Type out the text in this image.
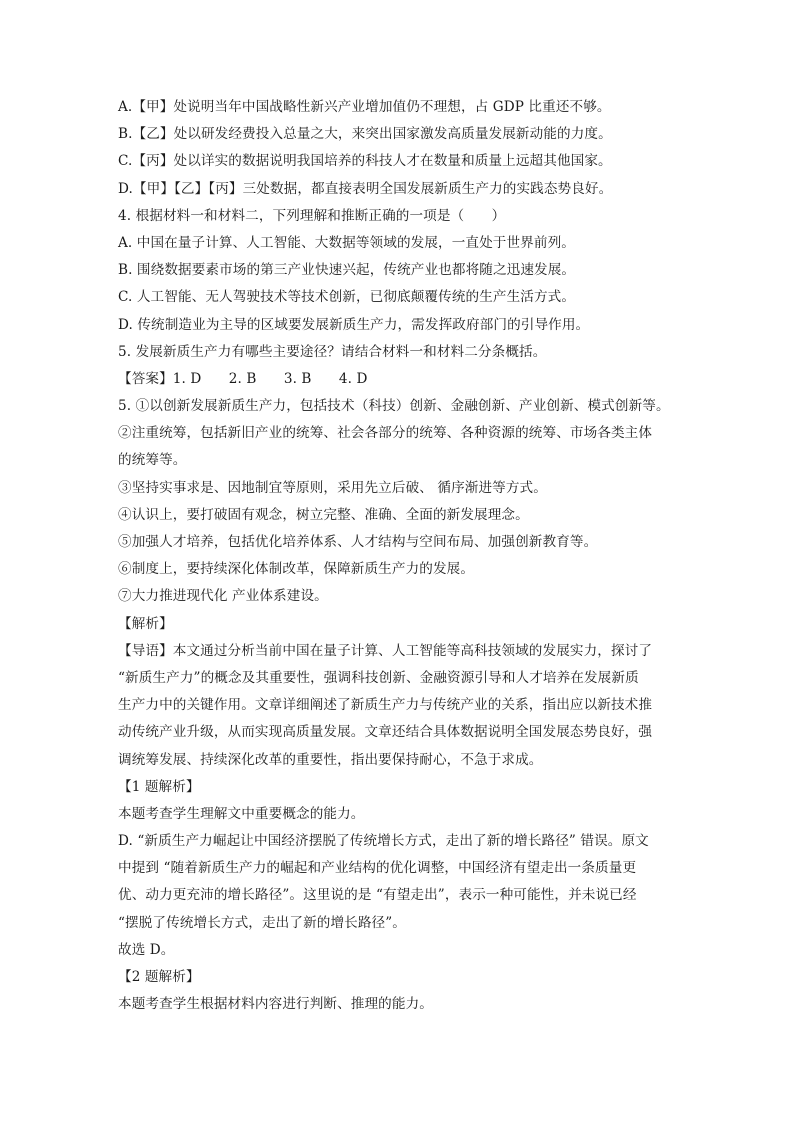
A.【甲】处说明当年中国战略性新兴产业增加值仍不理想，占 GDP 比重还不够。
B.【乙】处以研发经费投入总量之大，来突出国家激发高质量发展新动能的力度。
C.【丙】处以详实的数据说明我国培养的科技人才在数量和质量上远超其他国家。
D.【甲】【乙】【丙】三处数据，都直接表明全国发展新质生产力的实践态势良好。
4. 根据材料一和材料二，下列理解和推断正确的一项是（　　）
A. 中国在量子计算、人工智能、大数据等领域的发展，一直处于世界前列。
B. 围绕数据要素市场的第三产业快速兴起，传统产业也都将随之迅速发展。
C. 人工智能、无人驾驶技术等技术创新，已彻底颠覆传统的生产生活方式。
D. 传统制造业为主导的区域要发展新质生产力，需发挥政府部门的引导作用。
5. 发展新质生产力有哪些主要途径？请结合材料一和材料二分条概括。
【答案】1. D　　2. B　　3. B　　4. D
5. ①以创新发展新质生产力，包括技术（科技）创新、金融创新、产业创新、模式创新等。
②注重统筹，包括新旧产业的统筹、社会各部分的统筹、各种资源的统筹、市场各类主体
的统筹等。
③坚持实事求是、因地制宜等原则，采用先立后破、 循序渐进等方式。
④认识上，要打破固有观念，树立完整、准确、全面的新发展理念。
⑤加强人才培养，包括优化培养体系、人才结构与空间布局、加强创新教育等。
⑥制度上，要持续深化体制改革，保障新质生产力的发展。
⑦大力推进现代化 产业体系建设。
【解析】
【导语】本文通过分析当前中国在量子计算、人工智能等高科技领域的发展实力，探讨了
“新质生产力”的概念及其重要性，强调科技创新、金融资源引导和人才培养在发展新质
生产力中的关键作用。文章详细阐述了新质生产力与传统产业的关系，指出应以新技术推
动传统产业升级，从而实现高质量发展。文章还结合具体数据说明全国发展态势良好，强
调统筹发展、持续深化改革的重要性，指出要保持耐心，不急于求成。
【1 题解析】
本题考查学生理解文中重要概念的能力。
D. “新质生产力崛起让中国经济摆脱了传统增长方式，走出了新的增长路径” 错误。原文
中提到 “随着新质生产力的崛起和产业结构的优化调整，中国经济有望走出一条质量更
优、动力更充沛的增长路径”。这里说的是 “有望走出”，表示一种可能性，并未说已经
“摆脱了传统增长方式，走出了新的增长路径”。
故选 D。
【2 题解析】
本题考查学生根据材料内容进行判断、推理的能力。
